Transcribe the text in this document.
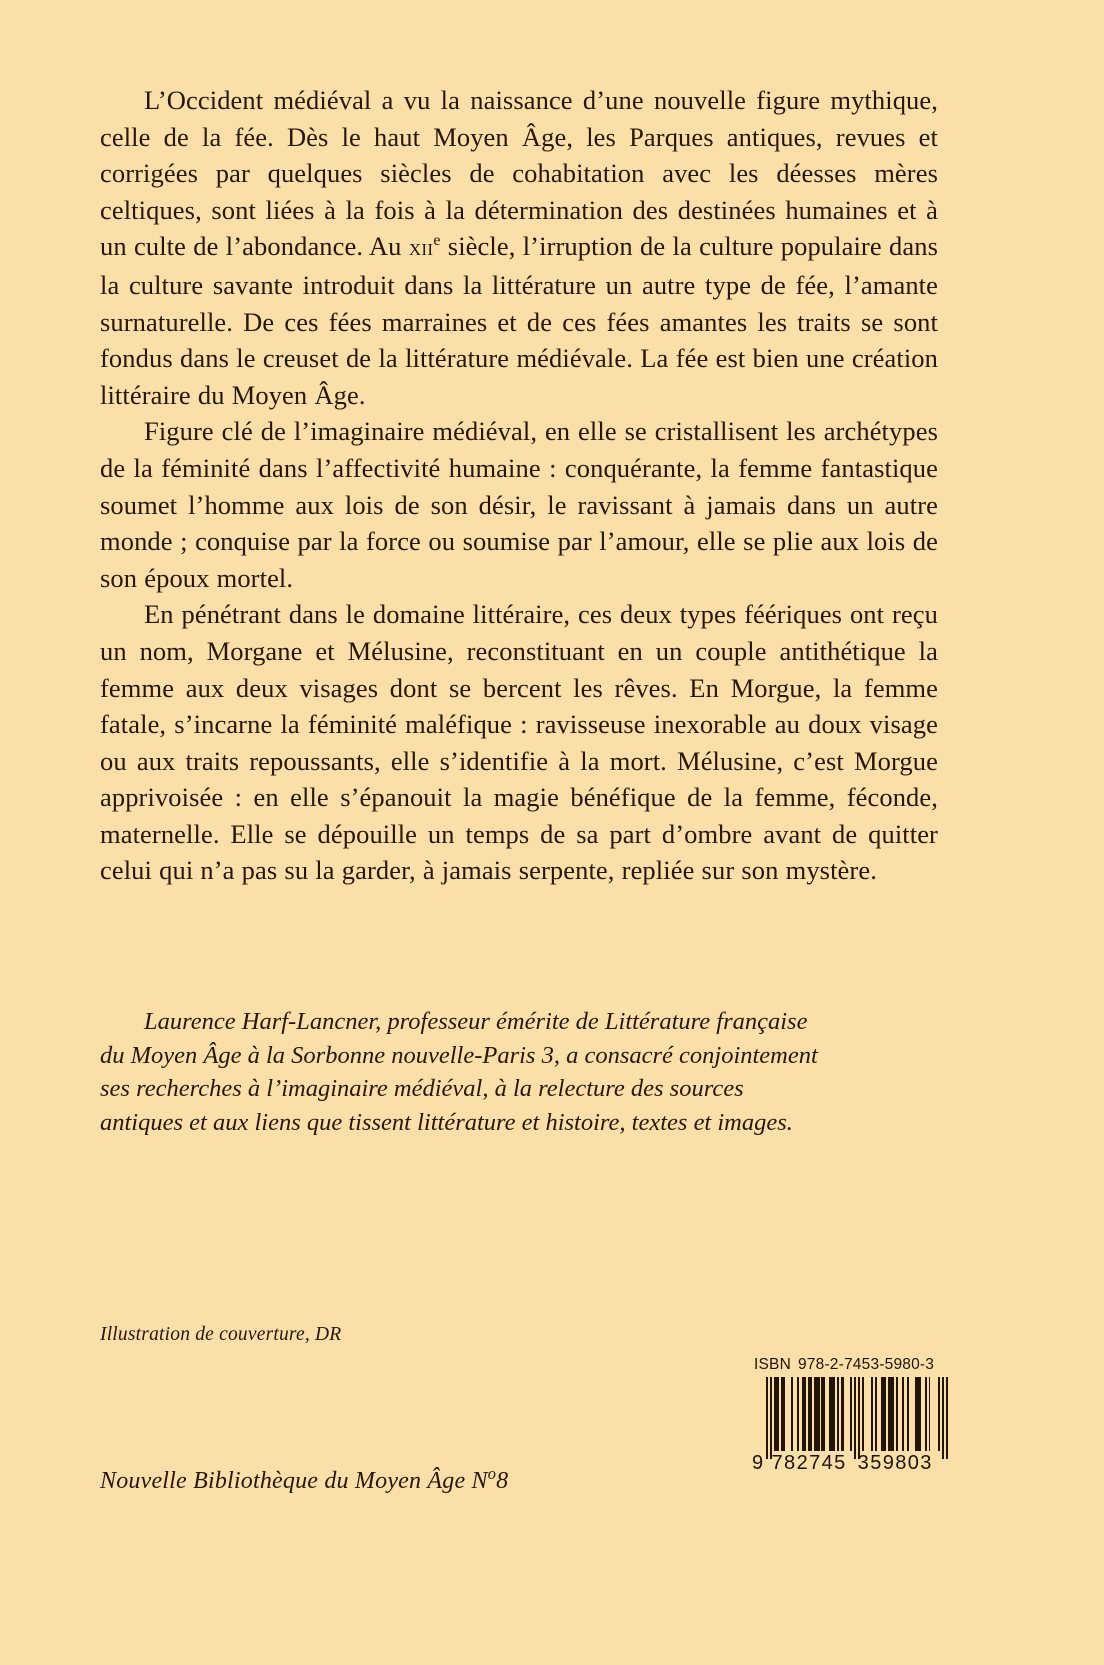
L’Occident médiéval a vu la naissance d’une nouvelle figure mythique, celle de la fée. Dès le haut Moyen Âge, les Parques antiques, revues et corrigées par quelques siècles de cohabitation avec les déesses mères celtiques, sont liées à la fois à la détermination des destinées humaines et à un culte de l’abondance. Au xii$^e$ siècle, l’irruption de la culture populaire dans la culture savante introduit dans la littérature un autre type de fée, l’amante surnaturelle. De ces fées marraines et de ces fées amantes les traits se sont fondus dans le creuset de la littérature médiévale. La fée est bien une création littéraire du Moyen Âge.

Figure clé de l’imaginaire médiéval, en elle se cristallisent les archétypes de la féminité dans l’affectivité humaine : conquérante, la femme fantastique soumet l’homme aux lois de son désir, le ravissant à jamais dans un autre monde ; conquise par la force ou soumise par l’amour, elle se plie aux lois de son époux mortel.

En pénétrant dans le domaine littéraire, ces deux types féériques ont reçu un nom, Morgane et Mélusine, reconstituant en un couple antithétique la femme aux deux visages dont se bercent les rêves. En Morgue, la femme fatale, s’incarne la féminité maléfique : ravisseuse inexorable au doux visage ou aux traits repoussants, elle s’identifie à la mort. Mélusine, c’est Morgue apprivoisée : en elle s’épanouit la magie bénéfique de la femme, féconde, maternelle. Elle se dépouille un temps de sa part d’ombre avant de quitter celui qui n’a pas su la garder, à jamais serpente, repliée sur son mystère.

Laurence Harf-Lancner, professeur émérite de Littérature française
du Moyen Âge à la Sorbonne nouvelle-Paris 3, a consacré conjointement
ses recherches à l’imaginaire médiéval, à la relecture des sources
antiques et aux liens que tissent littérature et histoire, textes et images.
Illustration de couverture, DR
Nouvelle Bibliothèque du Moyen Âge $N^o8$
ISBN 978-2-7453-5980-3
9 782745 359803
